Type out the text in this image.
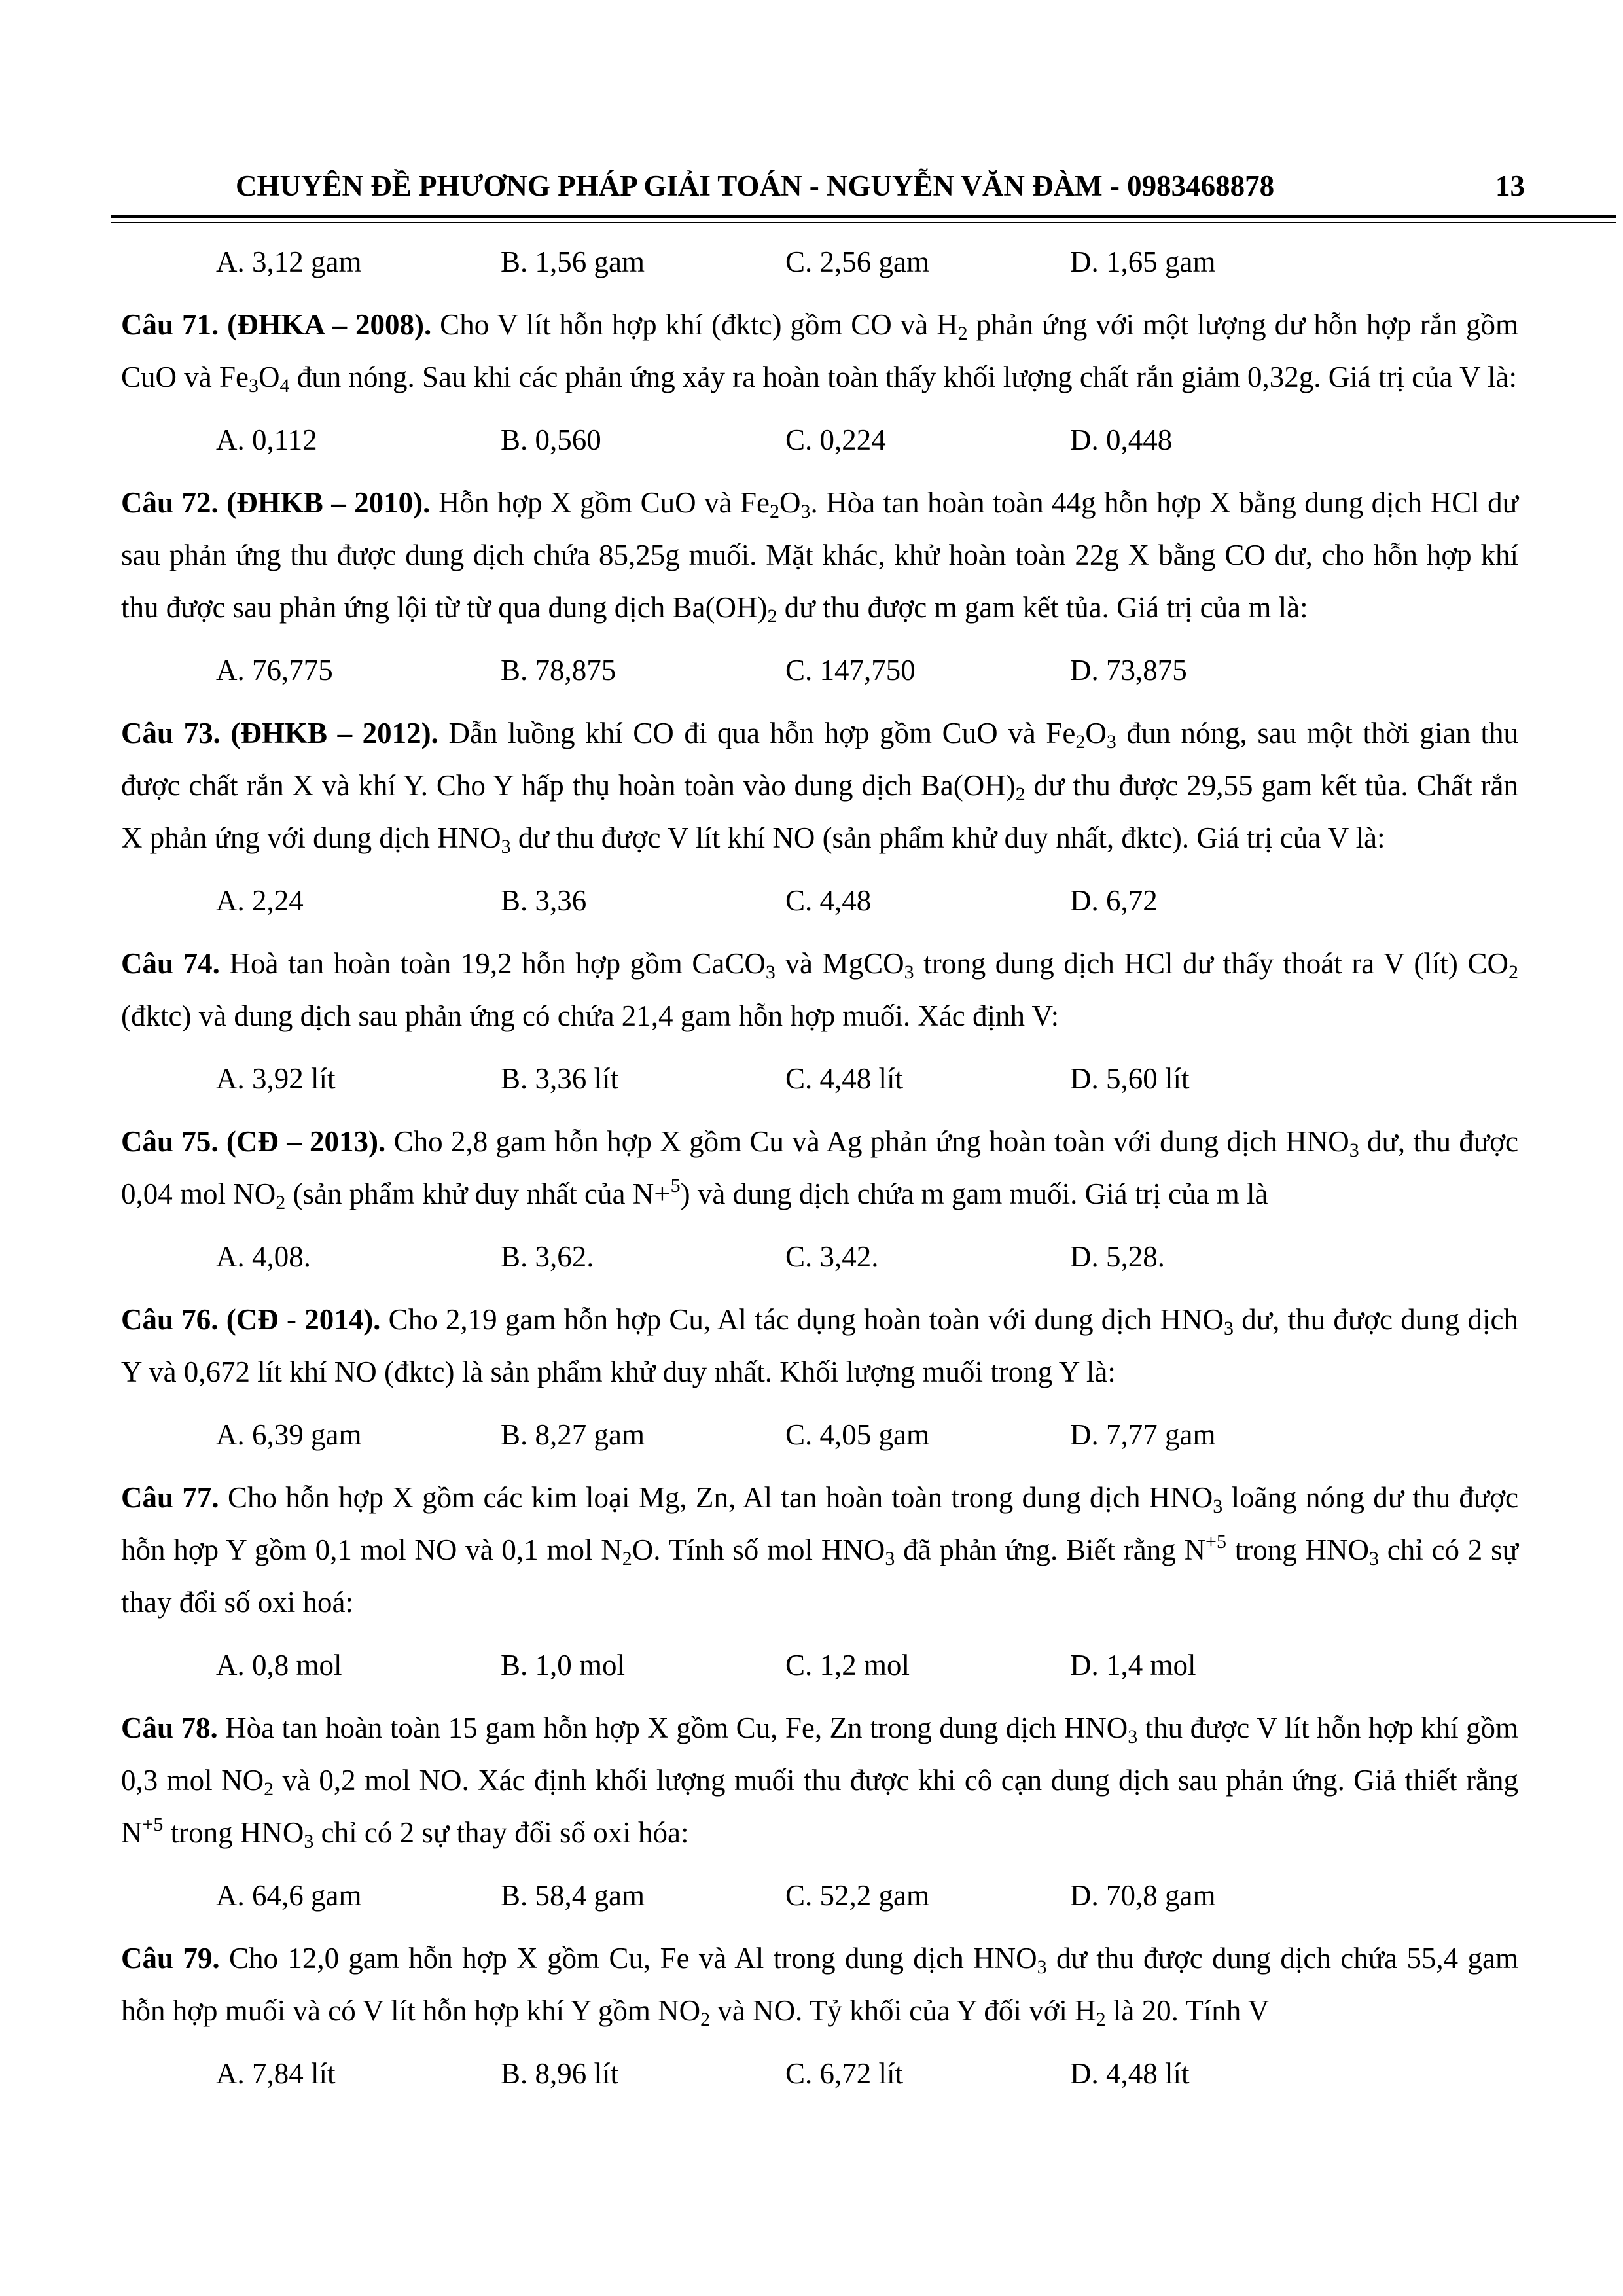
CHUYÊN ĐỀ PHƯƠNG PHÁP GIẢI TOÁN - NGUYỄN VĂN ĐÀM - 0983468878	13
A. 3,12 gam	B. 1,56 gam	C. 2,56 gam	D. 1,65 gam

Câu 71. (ĐHKA – 2008). Cho V lít hỗn hợp khí (đktc) gồm CO và $H_2$ phản ứng với một lượng dư hỗn hợp rắn gồm CuO và $Fe_3O_4$ đun nóng. Sau khi các phản ứng xảy ra hoàn toàn thấy khối lượng chất rắn giảm 0,32g. Giá trị của V là:

A. 0,112	B. 0,560	C. 0,224	D. 0,448

Câu 72. (ĐHKB – 2010). Hỗn hợp X gồm CuO và $Fe_2O_3$. Hòa tan hoàn toàn 44g hỗn hợp X bằng dung dịch HCl dư sau phản ứng thu được dung dịch chứa 85,25g muối. Mặt khác, khử hoàn toàn 22g X bằng CO dư, cho hỗn hợp khí thu được sau phản ứng lội từ từ qua dung dịch $Ba(OH)_2$ dư thu được m gam kết tủa. Giá trị của m là:

A. 76,775	B. 78,875	C. 147,750	D. 73,875

Câu 73. (ĐHKB – 2012). Dẫn luồng khí CO đi qua hỗn hợp gồm CuO và $Fe_2O_3$ đun nóng, sau một thời gian thu được chất rắn X và khí Y. Cho Y hấp thụ hoàn toàn vào dung dịch $Ba(OH)_2$ dư thu được 29,55 gam kết tủa. Chất rắn X phản ứng với dung dịch $HNO_3$ dư thu được V lít khí NO (sản phẩm khử duy nhất, đktc). Giá trị của V là:

A. 2,24	B. 3,36	C. 4,48	D. 6,72

Câu 74. Hoà tan hoàn toàn 19,2 hỗn hợp gồm CaCO$_3$ và MgCO$_3$ trong dung dịch HCl dư thấy thoát ra V (lít) $CO_2$ (đktc) và dung dịch sau phản ứng có chứa 21,4 gam hỗn hợp muối. Xác định V:

A. 3,92 lít	B. 3,36 lít	C. 4,48 lít	D. 5,60 lít

Câu 75. (CĐ – 2013). Cho 2,8 gam hỗn hợp X gồm Cu và Ag phản ứng hoàn toàn với dung dịch $HNO_3$ dư, thu được 0,04 mol $NO_2$ (sản phẩm khử duy nhất của N+$^5$) và dung dịch chứa m gam muối. Giá trị của m là

A. 4,08.	B. 3,62.	C. 3,42.	D. 5,28.

Câu 76. (CĐ - 2014). Cho 2,19 gam hỗn hợp Cu, Al tác dụng hoàn toàn với dung dịch $HNO_3$ dư, thu được dung dịch Y và 0,672 lít khí NO (đktc) là sản phẩm khử duy nhất. Khối lượng muối trong Y là:

A. 6,39 gam	B. 8,27 gam	C. 4,05 gam	D. 7,77 gam

Câu 77. Cho hỗn hợp X gồm các kim loại Mg, Zn, Al tan hoàn toàn trong dung dịch $HNO_3$ loãng nóng dư thu được hỗn hợp Y gồm 0,1 mol NO và 0,1 mol $N_2O$. Tính số mol $HNO_3$ đã phản ứng. Biết rằng $N^{+5}$ trong $HNO_3$ chỉ có 2 sự thay đổi số oxi hoá:

A. 0,8 mol	B. 1,0 mol	C. 1,2 mol	D. 1,4 mol

Câu 78. Hòa tan hoàn toàn 15 gam hỗn hợp X gồm Cu, Fe, Zn trong dung dịch $HNO_3$ thu được V lít hỗn hợp khí gồm 0,3 mol $NO_2$ và 0,2 mol NO. Xác định khối lượng muối thu được khi cô cạn dung dịch sau phản ứng. Giả thiết rằng $N^{+5}$ trong $HNO_3$ chỉ có 2 sự thay đổi số oxi hóa:

A. 64,6 gam	B. 58,4 gam	C. 52,2 gam	D. 70,8 gam

Câu 79. Cho 12,0 gam hỗn hợp X gồm Cu, Fe và Al trong dung dịch $HNO_3$ dư thu được dung dịch chứa 55,4 gam hỗn hợp muối và có V lít hỗn hợp khí Y gồm $NO_2$ và NO. Tỷ khối của Y đối với $H_2$ là 20. Tính V

A. 7,84 lít	B. 8,96 lít	C. 6,72 lít	D. 4,48 lít
